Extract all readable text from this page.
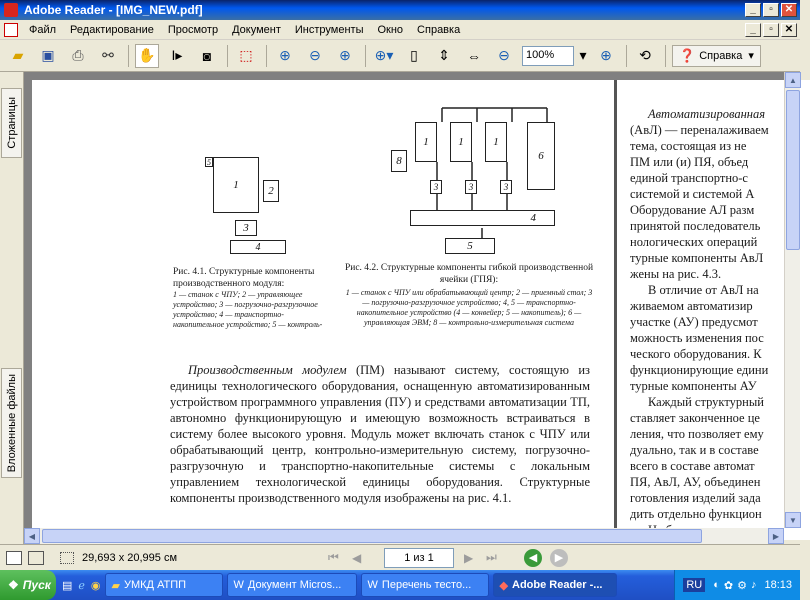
Adobe Reader - [IMG_NEW.pdf]	_	▫	✕
Файл	Редактирование	Просмотр	Документ	Инструменты	Окно	Справка	_	▫	✕
▰	▣	⎙	⚯	✋	I▸	◙	⬚	⊕	⊖	⊕	⊕▾	▯	⇕	⇔	⊖	100%	▾ ⊕	⟲	❓ Справка ▾
Страницы
Вложенные файлы
5
1	2
3
4
Рис. 4.1. Структурные компоненты производственного модуля:
1 — станок с ЧПУ; 2 — управляющее устройство; 3 — погрузочно-разгрузочное устройство; 4 — транспортно-накопительное устройство; 5 — контроль-
8
1	1	1
6
3	3	3
4
5
Рис. 4.2. Структурные компоненты гибкой производственной ячейки (ГПЯ):
1 — станок с ЧПУ или обрабатывающий центр; 2 — приемный стол; 3 — погрузочно-разгрузочное устройство; 4, 5 — транспортно-накопительное устройство (4 — конвейер; 5 — накопитель); 6 — управляющая ЭВМ; 8 — контрольно-измерительная система
Производственным модулем (ПМ) называют систему, состоящую из единицы технологического оборудования, оснащенную автоматизированным устройством программного управления (ПУ) и средствами автоматизации ТП, автономно функционирующую и имеющую возможность встраиваться в систему более высокого уровня. Модуль может включать станок с ЧПУ или обрабатывающий центр, контрольно-измерительную систему, погрузочно-разгрузочную и транспортно-накопительные системы с локальным управлением технологической единицы оборудования. Структурные компоненты производственного модуля изображены на рис. 4.1.
Автоматизированная
(АвЛ) — переналаживаем
тема, состоящая из не
ПМ или (и) ПЯ, объед
единой транспортно-с
системой и системой А
Оборудование АЛ разм
принятой последователь
нологических операций
турные компоненты АвЛ
жены на рис. 4.3.
В отличие от АвЛ на
живаемом автоматизир
участке (АУ) предусмот
можность изменения пос
ческого оборудования. К
функционирующие едини
турные компоненты АУ
Каждый структурный
ставляет законченное це
ления, что позволяет ему
дуально, так и в составе
всего в составе автомат
ПЯ, АвЛ, АУ, объединен
готовления изделий зада
дить отдельно функцион
▲
▼
◀	▶
29,693 x 20,995 см	⏮	◀	1 из 1	▶	⏭	◀	▶
❖ Пуск ▤ ℯ ◉ ▰ УМКД АТПП	W Документ Micros... W Перечень тесто...	◆ Adobe Reader -...	RU ◐ ✿ ⚙ ♪ 18:13
